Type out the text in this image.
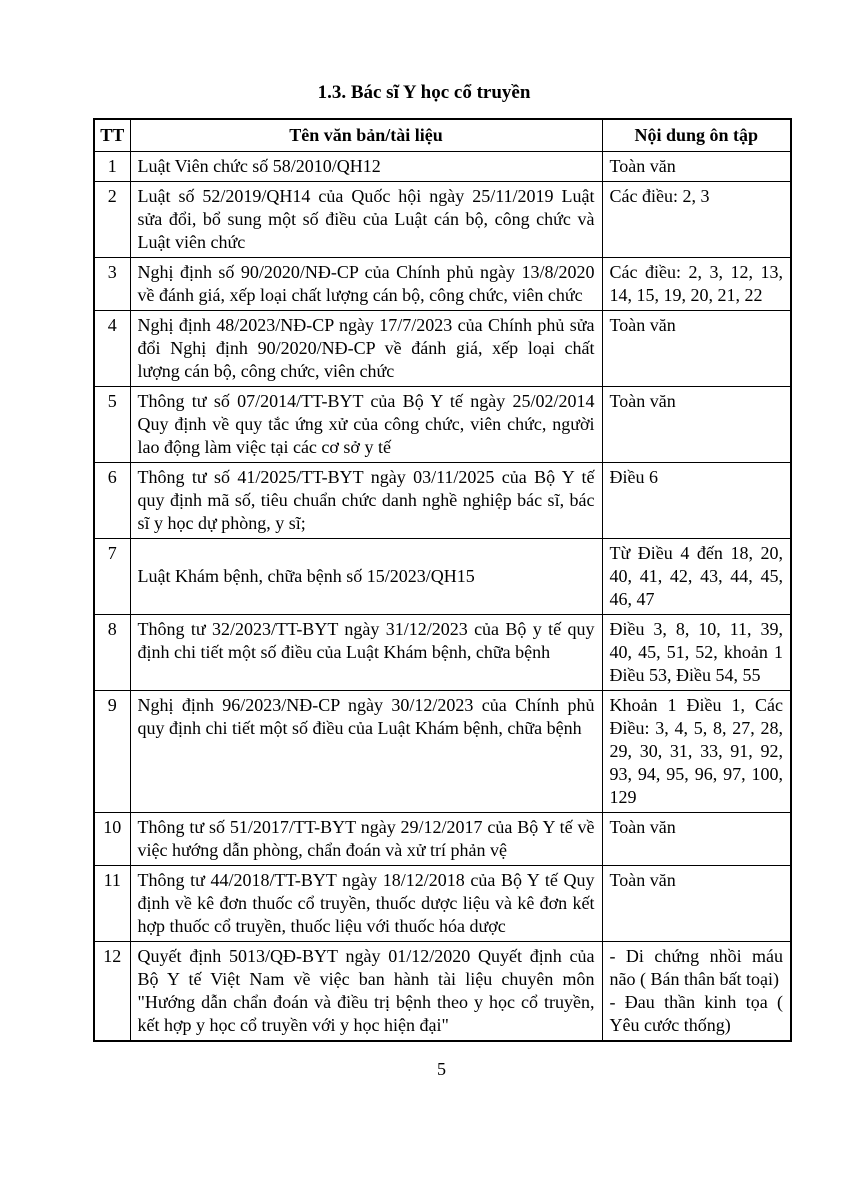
1.3. Bác sĩ Y học cổ truyền
TT	Tên văn bản/tài liệu	Nội dung ôn tập
1	Luật Viên chức số 58/2010/QH12	Toàn văn
2	Luật số 52/2019/QH14 của Quốc hội ngày 25/11/2019 Luật sửa đổi, bổ sung một số điều của Luật cán bộ, công chức và Luật viên chức	Các điều: 2, 3
3	Nghị định số 90/2020/NĐ-CP của Chính phủ ngày 13/8/2020 về đánh giá, xếp loại chất lượng cán bộ, công chức, viên chức	Các điều: 2, 3, 12, 13, 14, 15, 19, 20, 21, 22
4	Nghị định 48/2023/NĐ-CP ngày 17/7/2023 của Chính phủ sửa đổi Nghị định 90/2020/NĐ-CP về đánh giá, xếp loại chất lượng cán bộ, công chức, viên chức	Toàn văn
5	Thông tư số 07/2014/TT-BYT của Bộ Y tế ngày 25/02/2014 Quy định về quy tắc ứng xử của công chức, viên chức, người lao động làm việc tại các cơ sở y tế	Toàn văn
6	Thông tư số 41/2025/TT-BYT ngày 03/11/2025 của Bộ Y tế quy định mã số, tiêu chuẩn chức danh nghề nghiệp bác sĩ, bác sĩ y học dự phòng, y sĩ;	Điều 6
7	Luật Khám bệnh, chữa bệnh số 15/2023/QH15	Từ Điều 4 đến 18, 20, 40, 41, 42, 43, 44, 45, 46, 47
8	Thông tư 32/2023/TT-BYT ngày 31/12/2023 của Bộ y tế quy định chi tiết một số điều của Luật Khám bệnh, chữa bệnh	Điều 3, 8, 10, 11, 39, 40, 45, 51, 52, khoản 1 Điều 53, Điều 54, 55
9	Nghị định 96/2023/NĐ-CP ngày 30/12/2023 của Chính phủ quy định chi tiết một số điều của Luật Khám bệnh, chữa bệnh	Khoản 1 Điều 1, Các Điều: 3, 4, 5, 8, 27, 28, 29, 30, 31, 33, 91, 92, 93, 94, 95, 96, 97, 100, 129
10	Thông tư số 51/2017/TT-BYT ngày 29/12/2017 của Bộ Y tế về việc hướng dẫn phòng, chẩn đoán và xử trí phản vệ	Toàn văn
11	Thông tư 44/2018/TT-BYT ngày 18/12/2018 của Bộ Y tế Quy định về kê đơn thuốc cổ truyền, thuốc dược liệu và kê đơn kết hợp thuốc cổ truyền, thuốc liệu với thuốc hóa dược	Toàn văn
12	Quyết định 5013/QĐ-BYT ngày 01/12/2020 Quyết định của Bộ Y tế Việt Nam về việc ban hành tài liệu chuyên môn "Hướng dẫn chẩn đoán và điều trị bệnh theo y học cổ truyền, kết hợp y học cổ truyền với y học hiện đại"	- Di chứng nhồi máu não ( Bán thân bất toại)
- Đau thần kinh tọa ( Yêu cước thống)
5
